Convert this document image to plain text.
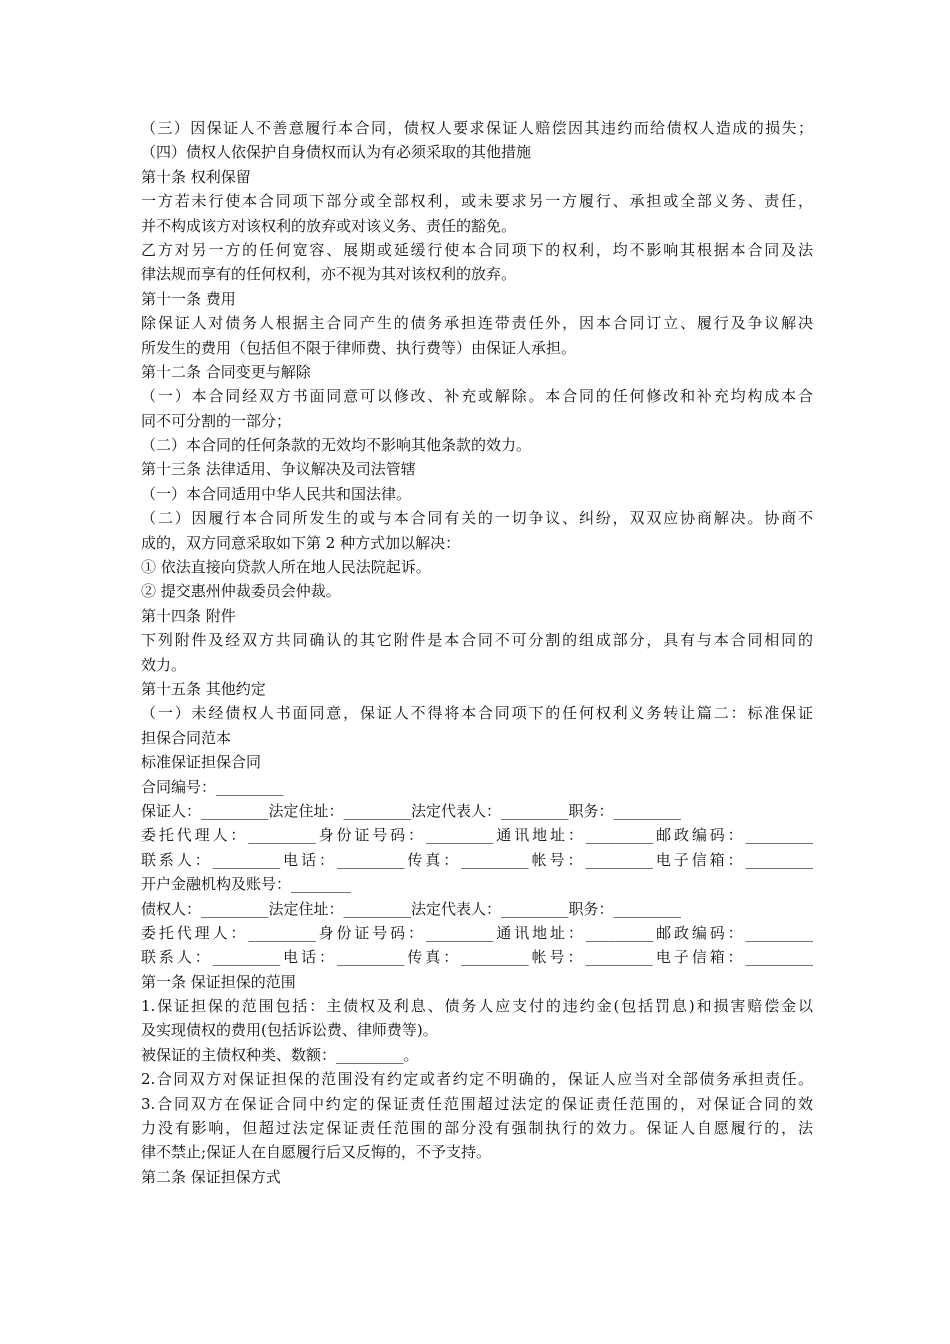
（三）因保证人不善意履行本合同，债权人要求保证人赔偿因其违约而给债权人造成的损失；
（四）债权人依保护自身债权而认为有必须采取的其他措施
第十条 权利保留
一方若未行使本合同项下部分或全部权利，或未要求另一方履行、承担或全部义务、责任，
并不构成该方对该权利的放弃或对该义务、责任的豁免。
乙方对另一方的任何宽容、展期或延缓行使本合同项下的权利，均不影响其根据本合同及法
律法规而享有的任何权利，亦不视为其对该权利的放弃。
第十一条 费用
除保证人对债务人根据主合同产生的债务承担连带责任外，因本合同订立、履行及争议解决
所发生的费用（包括但不限于律师费、执行费等）由保证人承担。
第十二条 合同变更与解除
（一）本合同经双方书面同意可以修改、补充或解除。本合同的任何修改和补充均构成本合
同不可分割的一部分；
（二）本合同的任何条款的无效均不影响其他条款的效力。
第十三条 法律适用、争议解决及司法管辖
（一）本合同适用中华人民共和国法律。
（二）因履行本合同所发生的或与本合同有关的一切争议、纠纷，双双应协商解决。协商不
成的，双方同意采取如下第 2 种方式加以解决：
① 依法直接向贷款人所在地人民法院起诉。
② 提交惠州仲裁委员会仲裁。
第十四条 附件
下列附件及经双方共同确认的其它附件是本合同不可分割的组成部分，具有与本合同相同的
效力。
第十五条 其他约定
（一）未经债权人书面同意，保证人不得将本合同项下的任何权利义务转让篇二：标准保证
担保合同范本
标准保证担保合同
合同编号：_________
保证人：_________法定住址：_________法定代表人：_________职务：_________
委托代理人：_________身份证号码：_________通讯地址：_________邮政编码：_________
联系人：_________电话：_________传真：_________帐号：_________电子信箱：_________
开户金融机构及账号：________
债权人：_________法定住址：_________法定代表人：_________职务：_________
委托代理人：_________身份证号码：_________通讯地址：_________邮政编码：_________
联系人：_________电话：_________传真：_________帐号：_________电子信箱：_________
第一条 保证担保的范围
1.保证担保的范围包括：主债权及利息、债务人应支付的违约金(包括罚息)和损害赔偿金以
及实现债权的费用(包括诉讼费、律师费等)。
被保证的主债权种类、数额：_________。
2.合同双方对保证担保的范围没有约定或者约定不明确的，保证人应当对全部债务承担责任。
3.合同双方在保证合同中约定的保证责任范围超过法定的保证责任范围的，对保证合同的效
力没有影响，但超过法定保证责任范围的部分没有强制执行的效力。保证人自愿履行的，法
律不禁止;保证人在自愿履行后又反悔的，不予支持。
第二条 保证担保方式
